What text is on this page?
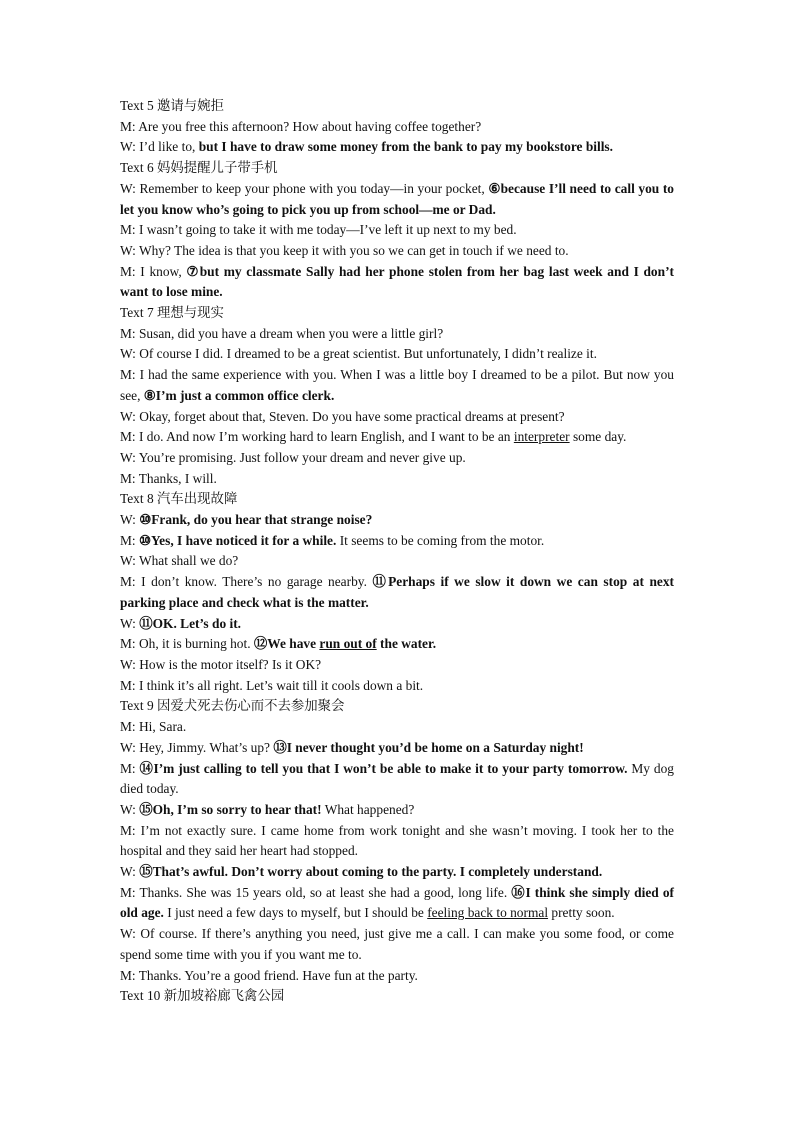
Text 5 邀请与婉拒

M: Are you free this afternoon? How about having coffee together?

W: I’d like to, but I have to draw some money from the bank to pay my bookstore bills.

Text 6 妈妈提醒儿子带手机

W: Remember to keep your phone with you today—in your pocket, ⑥because I’ll need to call you to let you know who’s going to pick you up from school—me or Dad.

M: I wasn’t going to take it with me today—I’ve left it up next to my bed.

W: Why? The idea is that you keep it with you so we can get in touch if we need to.

M: I know, ⑦but my classmate Sally had her phone stolen from her bag last week and I don’t want to lose mine.

Text 7 理想与现实

M: Susan, did you have a dream when you were a little girl?

W: Of course I did. I dreamed to be a great scientist. But unfortunately, I didn’t realize it.

M: I had the same experience with you. When I was a little boy I dreamed to be a pilot. But now you see, ⑧I’m just a common office clerk.

W: Okay, forget about that, Steven. Do you have some practical dreams at present?

M: I do. And now I’m working hard to learn English, and I want to be an interpreter some day.

W: You’re promising. Just follow your dream and never give up.

M: Thanks, I will.

Text 8 汽车出现故障

W: ⑩Frank, do you hear that strange noise?

M: ⑩Yes, I have noticed it for a while. It seems to be coming from the motor.

W: What shall we do?

M: I don’t know. There’s no garage nearby. ⑪Perhaps if we slow it down we can stop at next parking place and check what is the matter.

W: ⑪OK. Let’s do it.

M: Oh, it is burning hot. ⑫We have run out of the water.

W: How is the motor itself? Is it OK?

M: I think it’s all right. Let’s wait till it cools down a bit.

Text 9 因爱犬死去伤心而不去参加聚会

M: Hi, Sara.

W: Hey, Jimmy. What’s up? ⑬I never thought you’d be home on a Saturday night!

M: ⑭I’m just calling to tell you that I won’t be able to make it to your party tomorrow. My dog died today.

W: ⑮Oh, I’m so sorry to hear that! What happened?

M: I’m not exactly sure. I came home from work tonight and she wasn’t moving. I took her to the hospital and they said her heart had stopped.

W: ⑮That’s awful. Don’t worry about coming to the party. I completely understand.

M: Thanks. She was 15 years old, so at least she had a good, long life. ⑯I think she simply died of old age. I just need a few days to myself, but I should be feeling back to normal pretty soon.

W: Of course. If there’s anything you need, just give me a call. I can make you some food, or come spend some time with you if you want me to.

M: Thanks. You’re a good friend. Have fun at the party.

Text 10 新加坡裕廊飞禽公园
